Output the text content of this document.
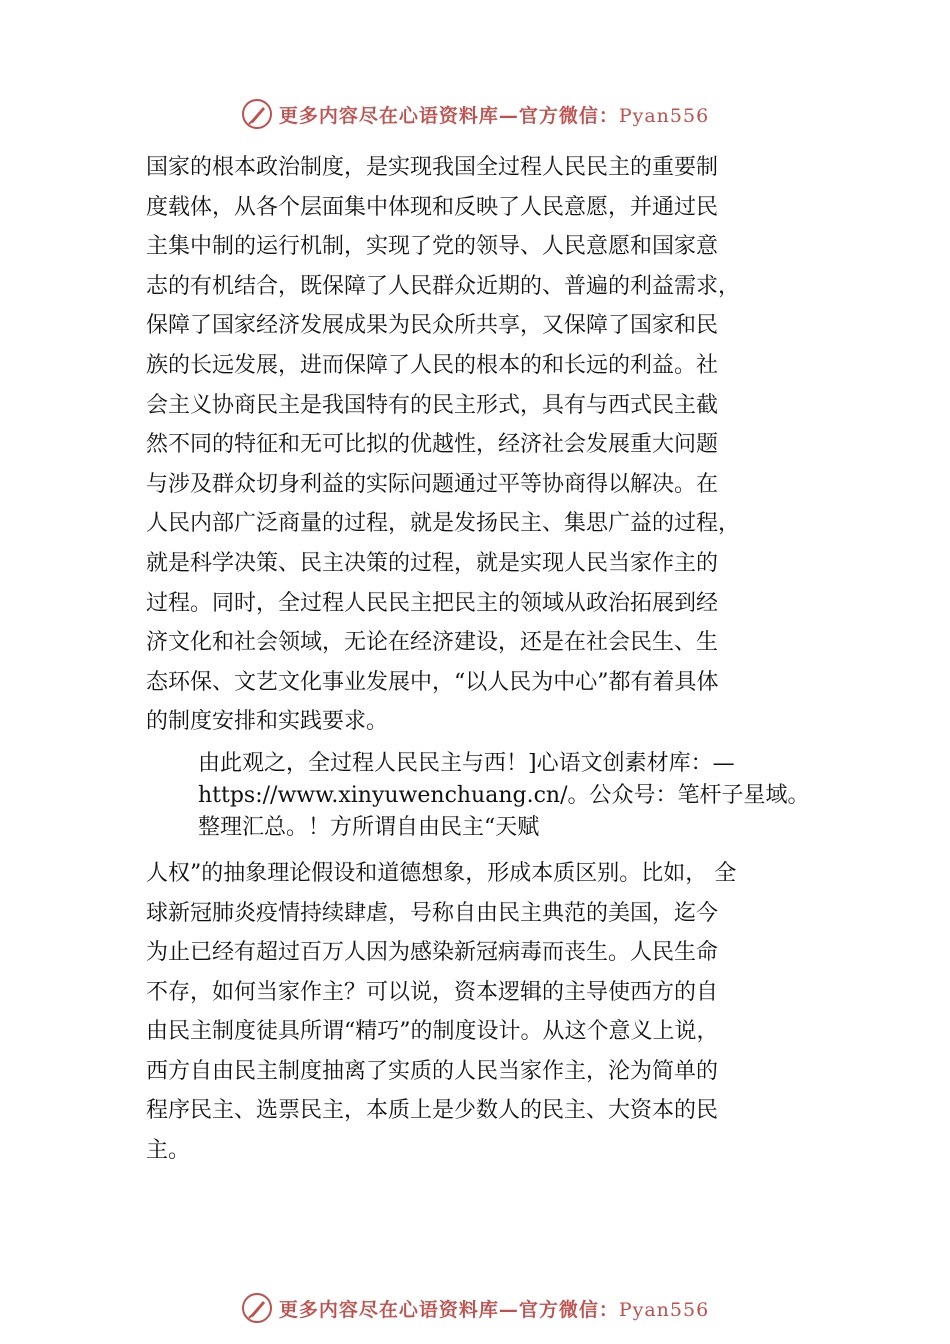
更多内容尽在心语资料库—官方微信：Pyan556
国家的根本政治制度，是实现我国全过程人民民主的重要制
度载体，从各个层面集中体现和反映了人民意愿，并通过民
主集中制的运行机制，实现了党的领导、人民意愿和国家意
志的有机结合，既保障了人民群众近期的、普遍的利益需求，
保障了国家经济发展成果为民众所共享，又保障了国家和民
族的长远发展，进而保障了人民的根本的和长远的利益。社
会主义协商民主是我国特有的民主形式，具有与西式民主截
然不同的特征和无可比拟的优越性，经济社会发展重大问题
与涉及群众切身利益的实际问题通过平等协商得以解决。在
人民内部广泛商量的过程，就是发扬民主、集思广益的过程，
就是科学决策、民主决策的过程，就是实现人民当家作主的
过程。同时，全过程人民民主把民主的领域从政治拓展到经
济文化和社会领域，无论在经济建设，还是在社会民生、生
态环保、文艺文化事业发展中，“以人民为中心”都有着具体
的制度安排和实践要求。
由此观之，全过程人民民主与西！]心语文创素材库：—
https://www.xinyuwenchuang.cn/。公众号：笔杆子星域。
整理汇总。！方所谓自由民主“天赋
人权”的抽象理论假设和道德想象，形成本质区别。比如， 全
球新冠肺炎疫情持续肆虐，号称自由民主典范的美国，迄今
为止已经有超过百万人因为感染新冠病毒而丧生。人民生命
不存，如何当家作主？可以说，资本逻辑的主导使西方的自
由民主制度徒具所谓“精巧”的制度设计。从这个意义上说，
西方自由民主制度抽离了实质的人民当家作主，沦为简单的
程序民主、选票民主，本质上是少数人的民主、大资本的民
主。
更多内容尽在心语资料库—官方微信：Pyan556
